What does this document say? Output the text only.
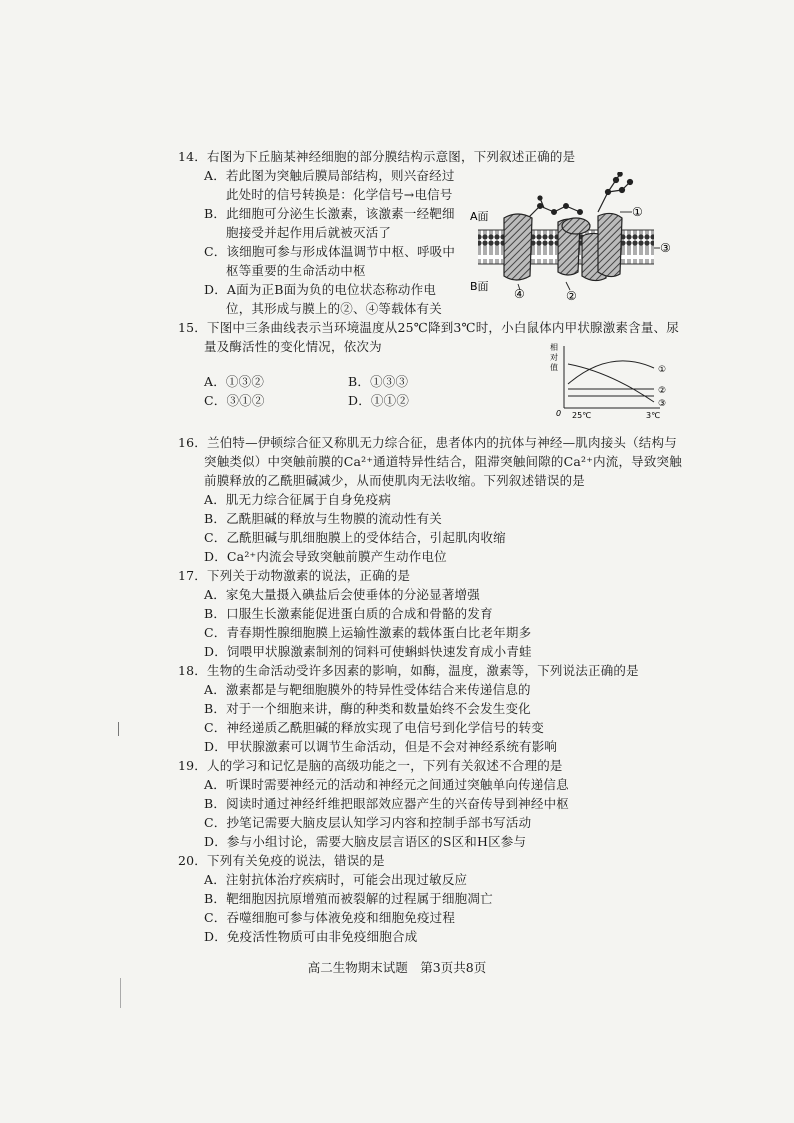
14．右图为下丘脑某神经细胞的部分膜结构示意图，下列叙述正确的是
A．若此图为突触后膜局部结构，则兴奋经过
此处时的信号转换是：化学信号→电信号
B．此细胞可分泌生长激素，该激素一经靶细
胞接受并起作用后就被灭活了
C．该细胞可参与形成体温调节中枢、呼吸中
枢等重要的生命活动中枢
D．A面为正B面为负的电位状态称动作电
位，其形成与膜上的②、④等载体有关
A面
B面
①
③
②
④
15．下图中三条曲线表示当环境温度从25℃降到3℃时，小白鼠体内甲状腺激素含量、尿
量及酶活性的变化情况，依次为
A．①③②	B．①③③
C．③①②	D．①①②
相
对
值
0 25℃	3℃
①
②
③
16．兰伯特—伊顿综合征又称肌无力综合征，患者体内的抗体与神经—肌肉接头（结构与
突触类似）中突触前膜的Ca²⁺通道特异性结合，阻滞突触间隙的Ca²⁺内流，导致突触
前膜释放的乙酰胆碱减少，从而使肌肉无法收缩。下列叙述错误的是
A．肌无力综合征属于自身免疫病
B．乙酰胆碱的释放与生物膜的流动性有关
C．乙酰胆碱与肌细胞膜上的受体结合，引起肌肉收缩
D．Ca²⁺内流会导致突触前膜产生动作电位
17．下列关于动物激素的说法，正确的是
A．家兔大量摄入碘盐后会使垂体的分泌显著增强
B．口服生长激素能促进蛋白质的合成和骨骼的发育
C．青春期性腺细胞膜上运输性激素的载体蛋白比老年期多
D．饲喂甲状腺激素制剂的饲料可使蝌蚪快速发育成小青蛙
18．生物的生命活动受许多因素的影响，如酶，温度，激素等，下列说法正确的是
A．激素都是与靶细胞膜外的特异性受体结合来传递信息的
B．对于一个细胞来讲，酶的种类和数量始终不会发生变化
C．神经递质乙酰胆碱的释放实现了电信号到化学信号的转变
D．甲状腺激素可以调节生命活动，但是不会对神经系统有影响
19．人的学习和记忆是脑的高级功能之一，下列有关叙述不合理的是
A．听课时需要神经元的活动和神经元之间通过突触单向传递信息
B．阅读时通过神经纤维把眼部效应器产生的兴奋传导到神经中枢
C．抄笔记需要大脑皮层认知学习内容和控制手部书写活动
D．参与小组讨论，需要大脑皮层言语区的S区和H区参与
20．下列有关免疫的说法，错误的是
A．注射抗体治疗疾病时，可能会出现过敏反应
B．靶细胞因抗原增殖而被裂解的过程属于细胞凋亡
C．吞噬细胞可参与体液免疫和细胞免疫过程
D．免疫活性物质可由非免疫细胞合成
高二生物期末试题　第3页共8页
